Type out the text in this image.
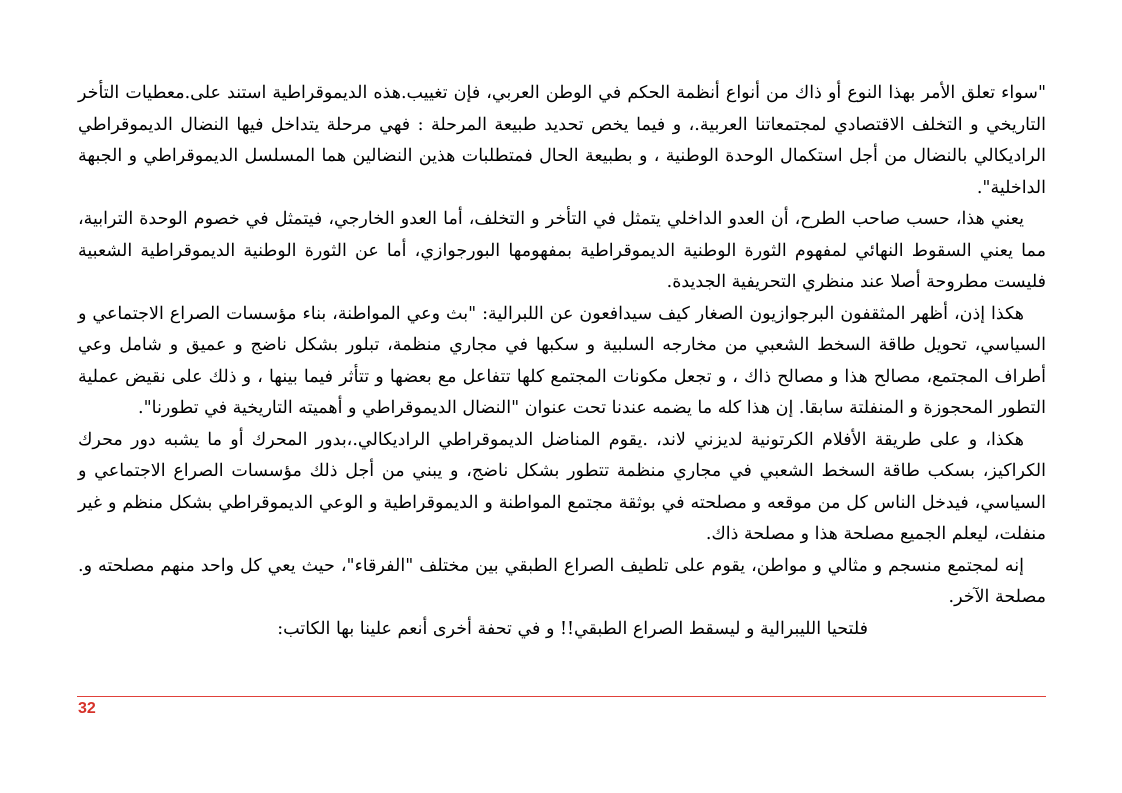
"سواء تعلق الأمر بهذا النوع أو ذاك من أنواع أنظمة الحكم في الوطن العربي، فإن تغييب.هذه الديموقراطية استند على.معطيات التأخر التاريخي و التخلف الاقتصادي لمجتمعاتنا العربية.، و فيما يخص تحديد طبيعة المرحلة : فهي مرحلة يتداخل فيها النضال الديموقراطي الراديكالي بالنضال من أجل استكمال الوحدة الوطنية ، و بطبيعة الحال فمتطلبات هذين النضالين هما المسلسل الديموقراطي و الجبهة الداخلية".

يعني هذا، حسب صاحب الطرح، أن العدو الداخلي يتمثل في التأخر و التخلف، أما العدو الخارجي، فيتمثل في خصوم الوحدة الترابية، مما يعني السقوط النهائي لمفهوم الثورة الوطنية الديموقراطية بمفهومها البورجوازي، أما عن الثورة الوطنية الديموقراطية الشعبية فليست مطروحة أصلا عند منظري التحريفية الجديدة.

هكذا إذن، أظهر المثقفون البرجوازيون الصغار كيف سيدافعون عن اللبرالية: "بث وعي المواطنة، بناء مؤسسات الصراع الاجتماعي و السياسي، تحويل طاقة السخط الشعبي من مخارجه السلبية و سكبها في مجاري منظمة، تبلور بشكل ناضج و عميق و شامل وعي أطراف المجتمع، مصالح هذا و مصالح ذاك ، و تجعل مكونات المجتمع كلها تتفاعل مع بعضها و تتأثر فيما بينها ، و ذلك على نقيض عملية التطور المحجوزة و المنفلتة سابقا. إن هذا كله ما يضمه عندنا تحت عنوان "النضال الديموقراطي و أهميته التاريخية في تطورنا".

هكذا، و على طريقة الأفلام الكرتونية لديزني لاند، .يقوم المناضل الديموقراطي الراديكالي.،بدور المحرك أو ما يشبه دور محرك الكراكيز، بسكب طاقة السخط الشعبي في مجاري منظمة تتطور بشكل ناضج، و يبني من أجل ذلك مؤسسات الصراع الاجتماعي و السياسي، فيدخل الناس كل من موقعه و مصلحته في بوثقة مجتمع المواطنة و الديموقراطية و الوعي الديموقراطي بشكل منظم و غير منفلت، ليعلم الجميع مصلحة هذا و مصلحة ذاك.

إنه لمجتمع منسجم و مثالي و مواطن، يقوم على تلطيف الصراع الطبقي بين مختلف "الفرقاء"، حيث يعي كل واحد منهم مصلحته و. مصلحة الآخر.

فلتحيا الليبرالية و ليسقط الصراع الطبقي!! و في تحفة أخرى أنعم علينا بها الكاتب:

32
